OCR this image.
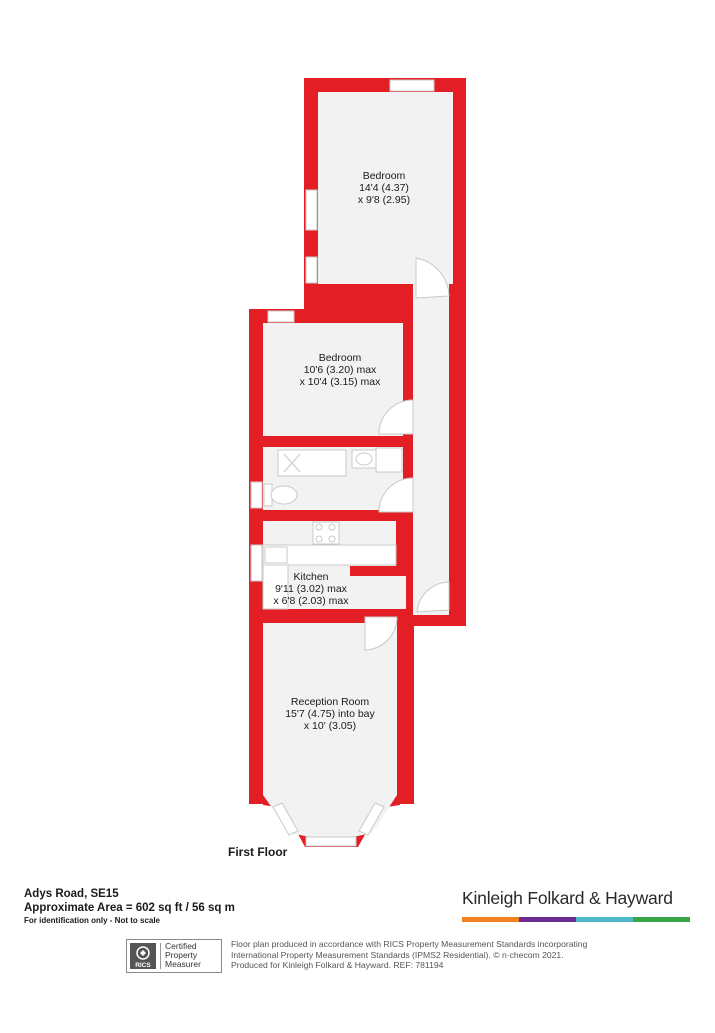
Bedroom
14'4 (4.37)
x 9'8 (2.95)
Bedroom
10'6 (3.20) max
x 10'4 (3.15) max
Kitchen
9'11 (3.02) max
x 6'8 (2.03) max
Reception Room
15'7 (4.75) into bay
x 10' (3.05)
First Floor
Adys Road, SE15
Approximate Area = 602 sq ft / 56 sq m
For identification only - Not to scale
Kinleigh Folkard & Hayward
RICS
Certified
Property
Measurer
Floor plan produced in accordance with RICS Property Measurement Standards incorporating
International Property Measurement Standards (IPMS2 Residential). © n·checom 2021.
Produced for Kinleigh Folkard & Hayward. REF: 781194
